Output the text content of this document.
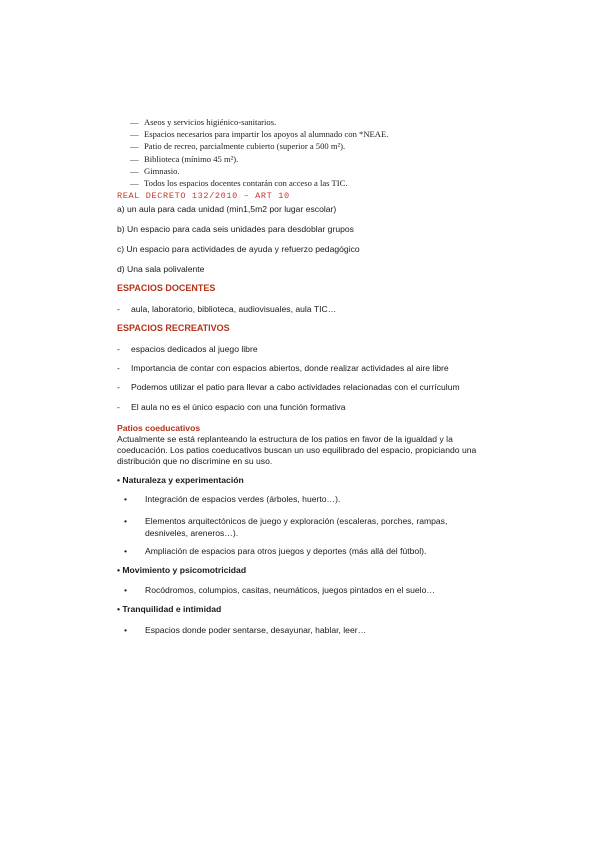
— Aseos y servicios higiénico-sanitarios.
— Espacios necesarios para impartir los apoyos al alumnado con *NEAE.
— Patio de recreo, parcialmente cubierto (superior a 500 m²).
— Biblioteca (mínimo 45 m²).
— Gimnasio.
— Todos los espacios docentes contarán con acceso a las TIC.
REAL DECRETO 132/2010 – ART 10
a) un aula para cada unidad (min1,5m2 por lugar escolar)
b) Un espacio para cada seis unidades para desdoblar grupos
c) Un espacio para actividades de ayuda y refuerzo pedagógico
d) Una sala polivalente
ESPACIOS DOCENTES
- aula, laboratorio, biblioteca, audiovisuales, aula TIC…
ESPACIOS RECREATIVOS
- espacios dedicados al juego libre
- Importancia de contar con espacios abiertos, donde realizar actividades al aire libre
- Podemos utilizar el patio para llevar a cabo actividades relacionadas con el currículum
- El aula no es el único espacio con una función formativa
Patios coeducativos
Actualmente se está replanteando la estructura de los patios en favor de la igualdad y la coeducación. Los patios coeducativos buscan un uso equilibrado del espacio, propiciando una distribución que no discrimine en su uso.
• Naturaleza y experimentación
• Integración de espacios verdes (árboles, huerto…).
• Elementos arquitectónicos de juego y exploración (escaleras, porches, rampas, desniveles, areneros…).
• Ampliación de espacios para otros juegos y deportes (más allá del fútbol).
• Movimiento y psicomotricidad
• Rocódromos, columpios, casitas, neumáticos, juegos pintados en el suelo…
• Tranquilidad e intimidad
• Espacios donde poder sentarse, desayunar, hablar, leer…
